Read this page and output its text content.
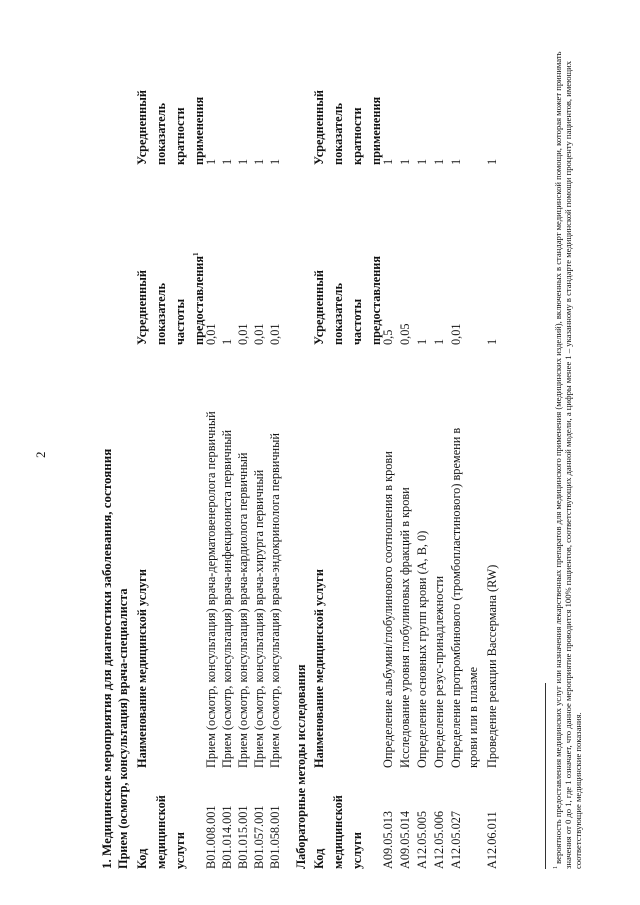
2	1. Медицинские мероприятия для диагностики заболевания, состояния Прием (осмотр, консультация) врача-специалиста Код медицинской услуги
Наименование медицинской услуги
Усредненный показатель частоты предоставления$^1$
Усредненный показатель кратности применения
B01.008.001
Прием (осмотр, консультация) врача-дерматовенеролога первичный
0,01
1
B01.014.001
Прием (осмотр, консультация) врача-инфекциониста первичный
1
1
B01.015.001
Прием (осмотр, консультация) врача-кардиолога первичный
0,01
1
B01.057.001
Прием (осмотр, консультация) врача-хирурга первичный
0,01
1
B01.058.001
Прием (осмотр, консультация) врача-эндокринолога первичный
0,01
1
Лабораторные методы исследования Код медицинской услуги
Наименование медицинской услуги
Усредненный показатель частоты предоставления
Усредненный показатель кратности применения
A09.05.013
Определение альбумин/глобулинового соотношения в крови
0,5
1
A09.05.014
Исследование уровня глобулиновых фракций в крови
0,05
1
A12.05.005
Определение основных групп крови (A, B, 0)
1
1
A12.05.006
Определение резус-принадлежности
1
1
A12.05.027
Определение протромбинового (тромбопластинового) времени в крови или в плазме
0,01
1
A12.06.011
Проведение реакции Вассермана (RW)
1
1
$^1$ вероятность предоставления медицинских услуг или назначения лекарственных препаратов для медицинского применения (медицинских изделий), включенных в стандарт медицинской помощи, которая может принимать значения от 0 до 1, где 1 означает, что данное мероприятие проводится 100% пациентов, соответствующих данной модели, а цифры менее 1 – указанному в стандарте медицинской помощи проценту пациентов, имеющих соответствующие медицинские показания.
